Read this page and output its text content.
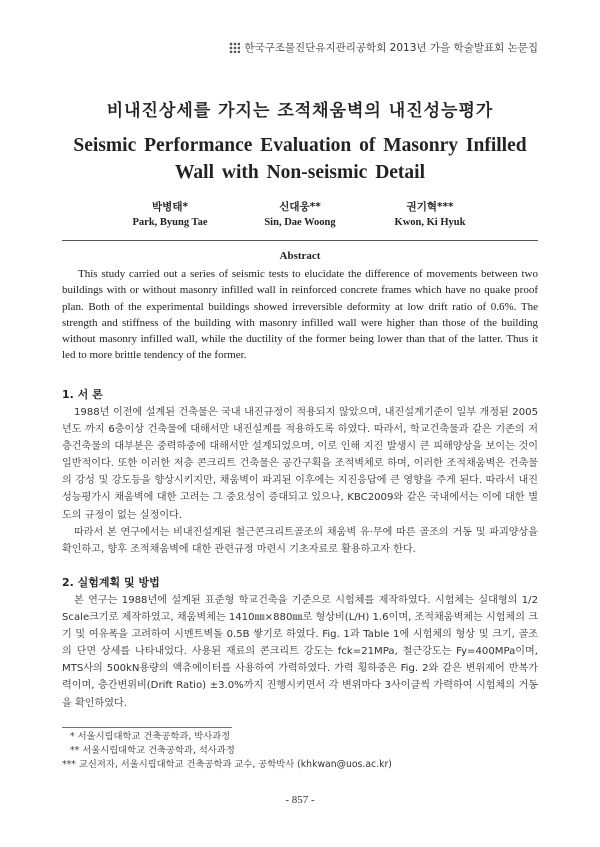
한국구조물진단유지관리공학회 2013년 가을 학술발표회 논문집
비내진상세를 가지는 조적채움벽의 내진성능평가
Seismic Performance Evaluation of Masonry Infilled Wall with Non-seismic Detail
박병태*
Park, Byung Tae
신대웅**
Sin, Dae Woong
권기혁***
Kwon, Ki Hyuk
Abstract
This study carried out a series of seismic tests to elucidate the difference of movements between two buildings with or without masonry infilled wall in reinforced concrete frames which have no quake proof plan. Both of the experimental buildings showed irreversible deformity at low drift ratio of 0.6%. The strength and stiffness of the building with masonry infilled wall were higher than those of the building without masonry infilled wall, while the ductility of the former being lower than that of the latter. Thus it led to more brittle tendency of the former.
1. 서 론

1988년 이전에 설계된 건축물은 국내 내진규정이 적용되지 않았으며, 내진설계기준이 일부 개정된 2005년도 까지 6층이상 건축물에 대해서만 내진설계를 적용하도록 하였다. 따라서, 학교건축물과 같은 기존의 저층건축물의 대부분은 중력하중에 대해서만 설계되었으며, 이로 인해 지진 발생시 큰 피해양상을 보이는 것이 일반적이다. 또한 이러한 저층 콘크리트 건축물은 공간구획을 조적벽체로 하며, 이러한 조적채움벽은 건축물의 강성 및 강도등을 향상시키지만, 채움벽이 파괴된 이후에는 지진응답에 큰 영향을 주게 된다. 따라서 내진성능평가시 채움벽에 대한 고려는 그 중요성이 증대되고 있으나, KBC2009와 같은 국내에서는 이에 대한 별도의 규정이 없는 실정이다.

따라서 본 연구에서는 비내진설계된 철근콘크리트골조의 채움벽 유·무에 따른 골조의 거동 및 파괴양상을 확인하고, 향후 조적채움벽에 대한 관련규정 마련시 기초자료로 활용하고자 한다.

2. 실험계획 및 방법

본 연구는 1988년에 설계된 표준형 학교건축을 기준으로 시험체를 제작하였다. 시험체는 실대형의 1/2 Scale크기로 제작하였고, 채움벽체는 1410㎜×880㎜로 형상비(L/H) 1.6이며, 조적채움벽체는 시험체의 크기 및 여유폭을 고려하여 시멘트벽돌 0.5B 쌓기로 하였다. Fig. 1과 Table 1에 시험체의 형상 및 크기, 골조의 단면 상세를 나타내었다. 사용된 재료의 콘크리트 강도는 fck=21MPa, 철근강도는 Fy=400MPa이며, MTS사의 500kN용량의 액츄에이터를 사용하여 가력하였다. 가력 횡하중은 Fig. 2와 같은 변위제어 반복가력이며, 층간변위비(Drift Ratio) ±3.0%까지 진행시키면서 각 변위마다 3사이클씩 가력하여 시험체의 거동을 확인하였다.

* 서울시립대학교 건축공학과, 박사과정
** 서울시립대학교 건축공학과, 석사과정
*** 교신저자, 서울시립대학교 건축공학과 교수, 공학박사 (khkwan@uos.ac.kr)
- 857 -
